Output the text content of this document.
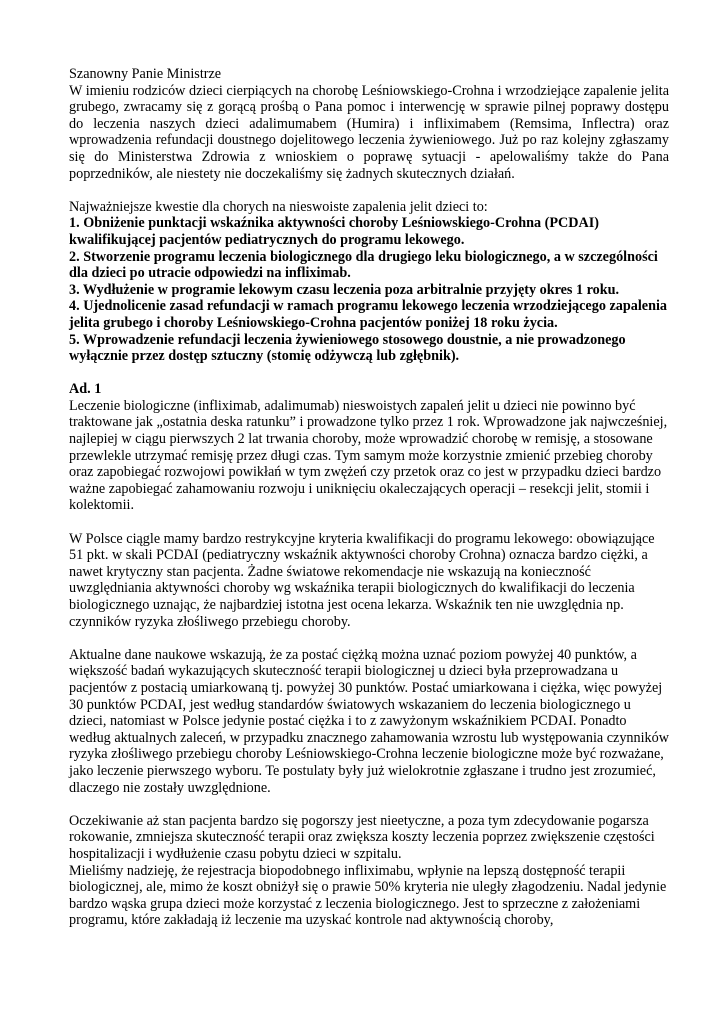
Szanowny Panie Ministrze

W imieniu rodziców dzieci cierpiących na chorobę Leśniowskiego-Crohna i wrzodziejące zapalenie jelita grubego, zwracamy się z gorącą prośbą o Pana pomoc i interwencję w sprawie pilnej poprawy dostępu do leczenia naszych dzieci adalimumabem (Humira) i infliximabem (Remsima, Inflectra) oraz wprowadzenia refundacji doustnego dojelitowego leczenia żywieniowego. Już po raz kolejny zgłaszamy się do Ministerstwa Zdrowia z wnioskiem o poprawę sytuacji - apelowaliśmy także do Pana poprzedników, ale niestety nie doczekaliśmy się żadnych skutecznych działań.

Najważniejsze kwestie dla chorych na nieswoiste zapalenia jelit dzieci to:

1. Obniżenie punktacji wskaźnika aktywności choroby Leśniowskiego-Crohna (PCDAI) kwalifikującej pacjentów pediatrycznych do programu lekowego.

2. Stworzenie programu leczenia biologicznego dla drugiego leku biologicznego, a w szczególności dla dzieci po utracie odpowiedzi na infliximab.

3. Wydłużenie w programie lekowym czasu leczenia poza arbitralnie przyjęty okres 1 roku.

4. Ujednolicenie zasad refundacji w ramach programu lekowego leczenia wrzodziejącego zapalenia jelita grubego i choroby Leśniowskiego-Crohna pacjentów poniżej 18 roku życia.

5. Wprowadzenie refundacji leczenia żywieniowego stosowego doustnie, a nie prowadzonego wyłącznie przez dostęp sztuczny (stomię odżywczą lub zgłębnik).

Ad. 1

Leczenie biologiczne (infliximab, adalimumab) nieswoistych zapaleń jelit u dzieci nie powinno być traktowane jak „ostatnia deska ratunku” i prowadzone tylko przez 1 rok. Wprowadzone jak najwcześniej, najlepiej w ciągu pierwszych 2 lat trwania choroby, może wprowadzić chorobę w remisję, a stosowane przewlekle utrzymać remisję przez długi czas. Tym samym może korzystnie zmienić przebieg choroby oraz zapobiegać rozwojowi powikłań w tym zwężeń czy przetok oraz co jest w przypadku dzieci bardzo ważne zapobiegać zahamowaniu rozwoju i uniknięciu okaleczających operacji – resekcji jelit, stomii i kolektomii.

W Polsce ciągle mamy bardzo restrykcyjne kryteria kwalifikacji do programu lekowego: obowiązujące 51 pkt. w skali PCDAI (pediatryczny wskaźnik aktywności choroby Crohna) oznacza bardzo ciężki, a nawet krytyczny stan pacjenta. Żadne światowe rekomendacje nie wskazują na konieczność uwzględniania aktywności choroby wg wskaźnika terapii biologicznych do kwalifikacji do leczenia biologicznego uznając, że najbardziej istotna jest ocena lekarza. Wskaźnik ten nie uwzględnia np. czynników ryzyka złośliwego przebiegu choroby.

Aktualne dane naukowe wskazują, że za postać ciężką można uznać poziom powyżej 40 punktów, a większość badań wykazujących skuteczność terapii biologicznej u dzieci była przeprowadzana u pacjentów z postacią umiarkowaną tj. powyżej 30 punktów. Postać umiarkowana i ciężka, więc powyżej 30 punktów PCDAI, jest według standardów światowych wskazaniem do leczenia biologicznego u dzieci, natomiast w Polsce jedynie postać ciężka i to z zawyżonym wskaźnikiem PCDAI. Ponadto według aktualnych zaleceń, w przypadku znacznego zahamowania wzrostu lub występowania czynników ryzyka złośliwego przebiegu choroby Leśniowskiego-Crohna leczenie biologiczne może być rozważane, jako leczenie pierwszego wyboru. Te postulaty były już wielokrotnie zgłaszane i trudno jest zrozumieć, dlaczego nie zostały uwzględnione.

Oczekiwanie aż stan pacjenta bardzo się pogorszy jest nieetyczne, a poza tym zdecydowanie pogarsza rokowanie, zmniejsza skuteczność terapii oraz zwiększa koszty leczenia poprzez zwiększenie częstości hospitalizacji i wydłużenie czasu pobytu dzieci w szpitalu.

Mieliśmy nadzieję, że rejestracja biopodobnego infliximabu, wpłynie na lepszą dostępność terapii biologicznej, ale, mimo że koszt obniżył się o prawie 50% kryteria nie uległy złagodzeniu. Nadal jedynie bardzo wąska grupa dzieci może korzystać z leczenia biologicznego. Jest to sprzeczne z założeniami programu, które zakładają iż leczenie ma uzyskać kontrole nad aktywnością choroby,
